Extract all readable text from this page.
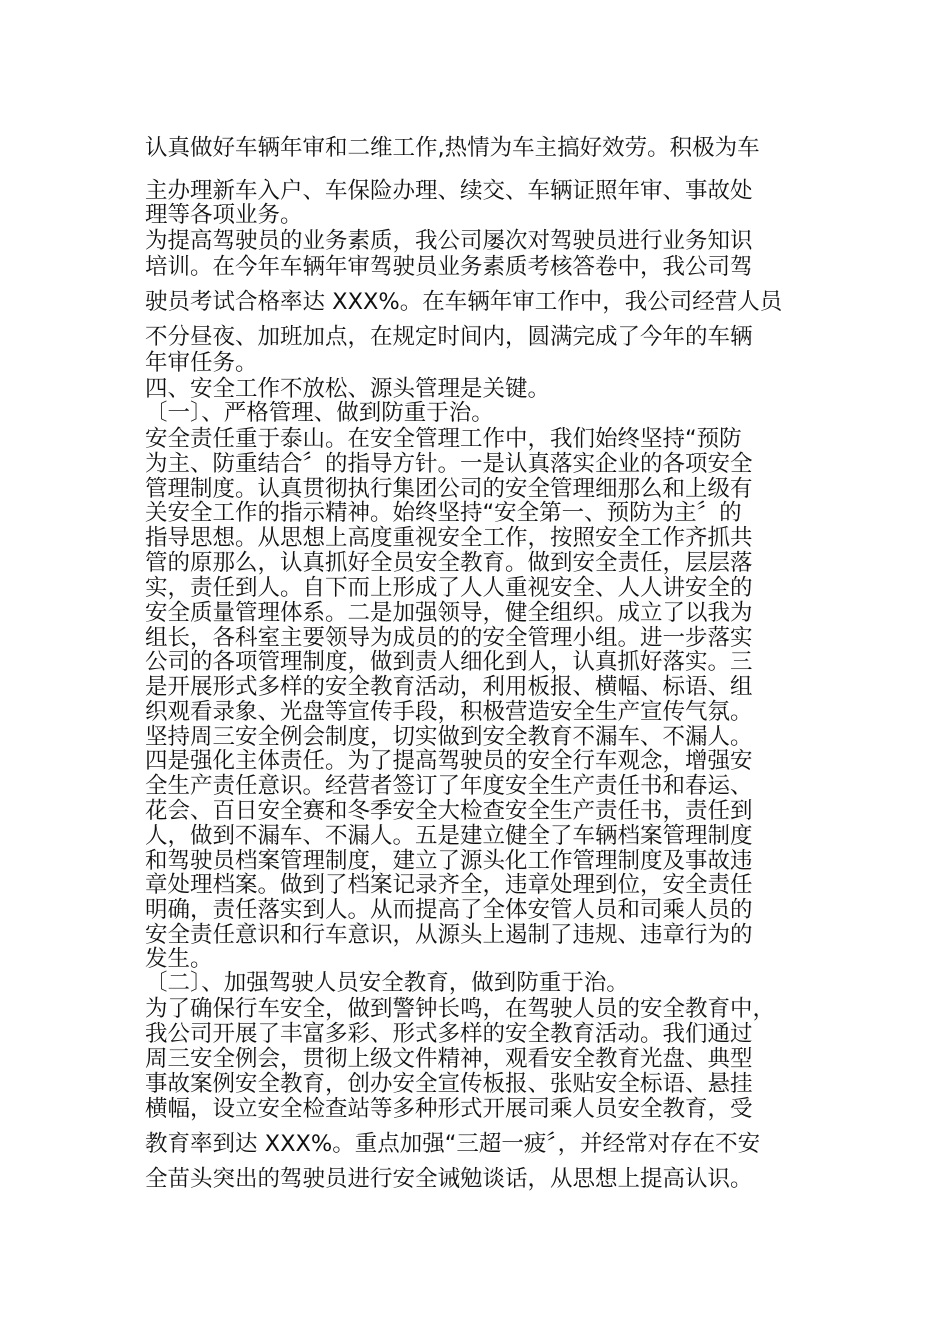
认真做好车辆年审和二维工作,热情为车主搞好效劳。积极为车

主办理新车入户、车保险办理、续交、车辆证照年审、事故处

理等各项业务。

为提高驾驶员的业务素质，我公司屡次对驾驶员进行业务知识

培训。在今年车辆年审驾驶员业务素质考核答卷中，我公司驾

驶员考试合格率达 XXX%。在车辆年审工作中，我公司经营人员

不分昼夜、加班加点，在规定时间内，圆满完成了今年的车辆

年审任务。

四、安全工作不放松、源头管理是关键。

〔一〕、严格管理、做到防重于治。

安全责任重于泰山。在安全管理工作中，我们始终坚持“预防

为主、防重结合〞的指导方针。一是认真落实企业的各项安全

管理制度。认真贯彻执行集团公司的安全管理细那么和上级有

关安全工作的指示精神。始终坚持“安全第一、预防为主〞的

指导思想。从思想上高度重视安全工作，按照安全工作齐抓共

管的原那么，认真抓好全员安全教育。做到安全责任，层层落

实，责任到人。自下而上形成了人人重视安全、人人讲安全的

安全质量管理体系。二是加强领导，健全组织。成立了以我为

组长，各科室主要领导为成员的的安全管理小组。进一步落实

公司的各项管理制度，做到责人细化到人，认真抓好落实。三

是开展形式多样的安全教育活动，利用板报、横幅、标语、组

织观看录象、光盘等宣传手段，积极营造安全生产宣传气氛。

坚持周三安全例会制度，切实做到安全教育不漏车、不漏人。

四是强化主体责任。为了提高驾驶员的安全行车观念，增强安

全生产责任意识。经营者签订了年度安全生产责任书和春运、

花会、百日安全赛和冬季安全大检查安全生产责任书，责任到

人，做到不漏车、不漏人。五是建立健全了车辆档案管理制度

和驾驶员档案管理制度，建立了源头化工作管理制度及事故违

章处理档案。做到了档案记录齐全，违章处理到位，安全责任

明确，责任落实到人。从而提高了全体安管人员和司乘人员的

安全责任意识和行车意识，从源头上遏制了违规、违章行为的

发生。

〔二〕、加强驾驶人员安全教育，做到防重于治。

为了确保行车安全，做到警钟长鸣，在驾驶人员的安全教育中，

我公司开展了丰富多彩、形式多样的安全教育活动。我们通过

周三安全例会，贯彻上级文件精神，观看安全教育光盘、典型

事故案例安全教育，创办安全宣传板报、张贴安全标语、悬挂

横幅，设立安全检查站等多种形式开展司乘人员安全教育，受

教育率到达 XXX%。重点加强“三超一疲〞，并经常对存在不安

全苗头突出的驾驶员进行安全诫勉谈话，从思想上提高认识。
